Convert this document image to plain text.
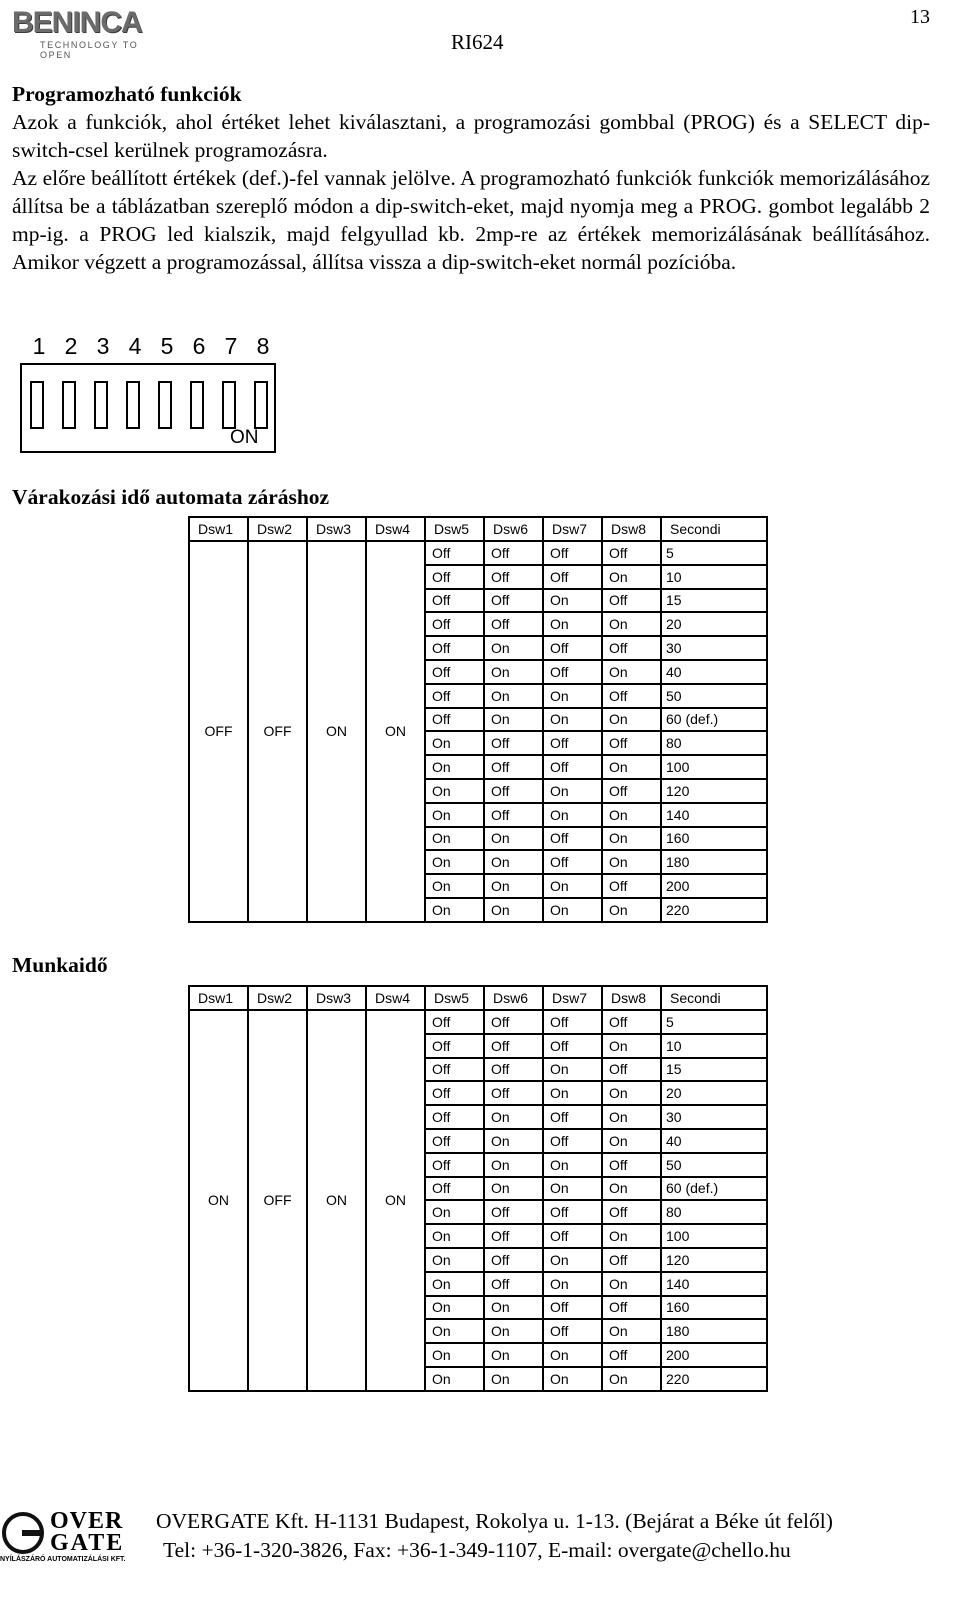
BENINCA
TECHNOLOGY TO OPEN
13
RI624

Programozható funkciók

Azok a funkciók, ahol értéket lehet kiválasztani, a programozási gombbal (PROG) és a SELECT dip-switch-csel kerülnek programozásra.

Az előre beállított értékek (def.)-fel vannak jelölve. A programozható funkciók funkciók memorizálásához állítsa be a táblázatban szereplő módon a dip-switch-eket, majd nyomja meg a PROG. gombot legalább 2 mp-ig. a PROG led kialszik, majd felgyullad kb. 2mp-re az értékek memorizálásának beállításához. Amikor végzett a programozással, állítsa vissza a dip-switch-eket normál pozícióba.

1 2 3 4 5 6 7 8
ON
Várakozási idő automata záráshoz
Dsw1	Dsw2	Dsw3	Dsw4	Dsw5	Dsw6	Dsw7	Dsw8	Secondi
OFF	OFF	ON	ON	Off	Off	Off	Off	5
				Off	Off	Off	On	10
				Off	Off	On	Off	15
				Off	Off	On	On	20
				Off	On	Off	Off	30
				Off	On	Off	On	40
				Off	On	On	Off	50
				Off	On	On	On	60 (def.)
				On	Off	Off	Off	80
				On	Off	Off	On	100
				On	Off	On	Off	120
				On	Off	On	On	140
				On	On	Off	On	160
				On	On	Off	On	180
				On	On	On	Off	200
				On	On	On	On	220
Munkaidő
Dsw1	Dsw2	Dsw3	Dsw4	Dsw5	Dsw6	Dsw7	Dsw8	Secondi
ON	OFF	ON	ON	Off	Off	Off	Off	5
				Off	Off	Off	On	10
				Off	Off	On	Off	15
				Off	Off	On	On	20
				Off	On	Off	On	30
				Off	On	Off	On	40
				Off	On	On	Off	50
				Off	On	On	On	60 (def.)
				On	Off	Off	Off	80
				On	Off	Off	On	100
				On	Off	On	Off	120
				On	Off	On	On	140
				On	On	Off	Off	160
				On	On	Off	On	180
				On	On	On	Off	200
				On	On	On	On	220
OVER
GATE
NYÍLÁSZÁRÓ AUTOMATIZÁLÁSI KFT.
OVERGATE Kft. H-1131 Budapest, Rokolya u. 1-13. (Bejárat a Béke út felől)
Tel: +36-1-320-3826, Fax: +36-1-349-1107, E-mail: overgate@chello.hu
